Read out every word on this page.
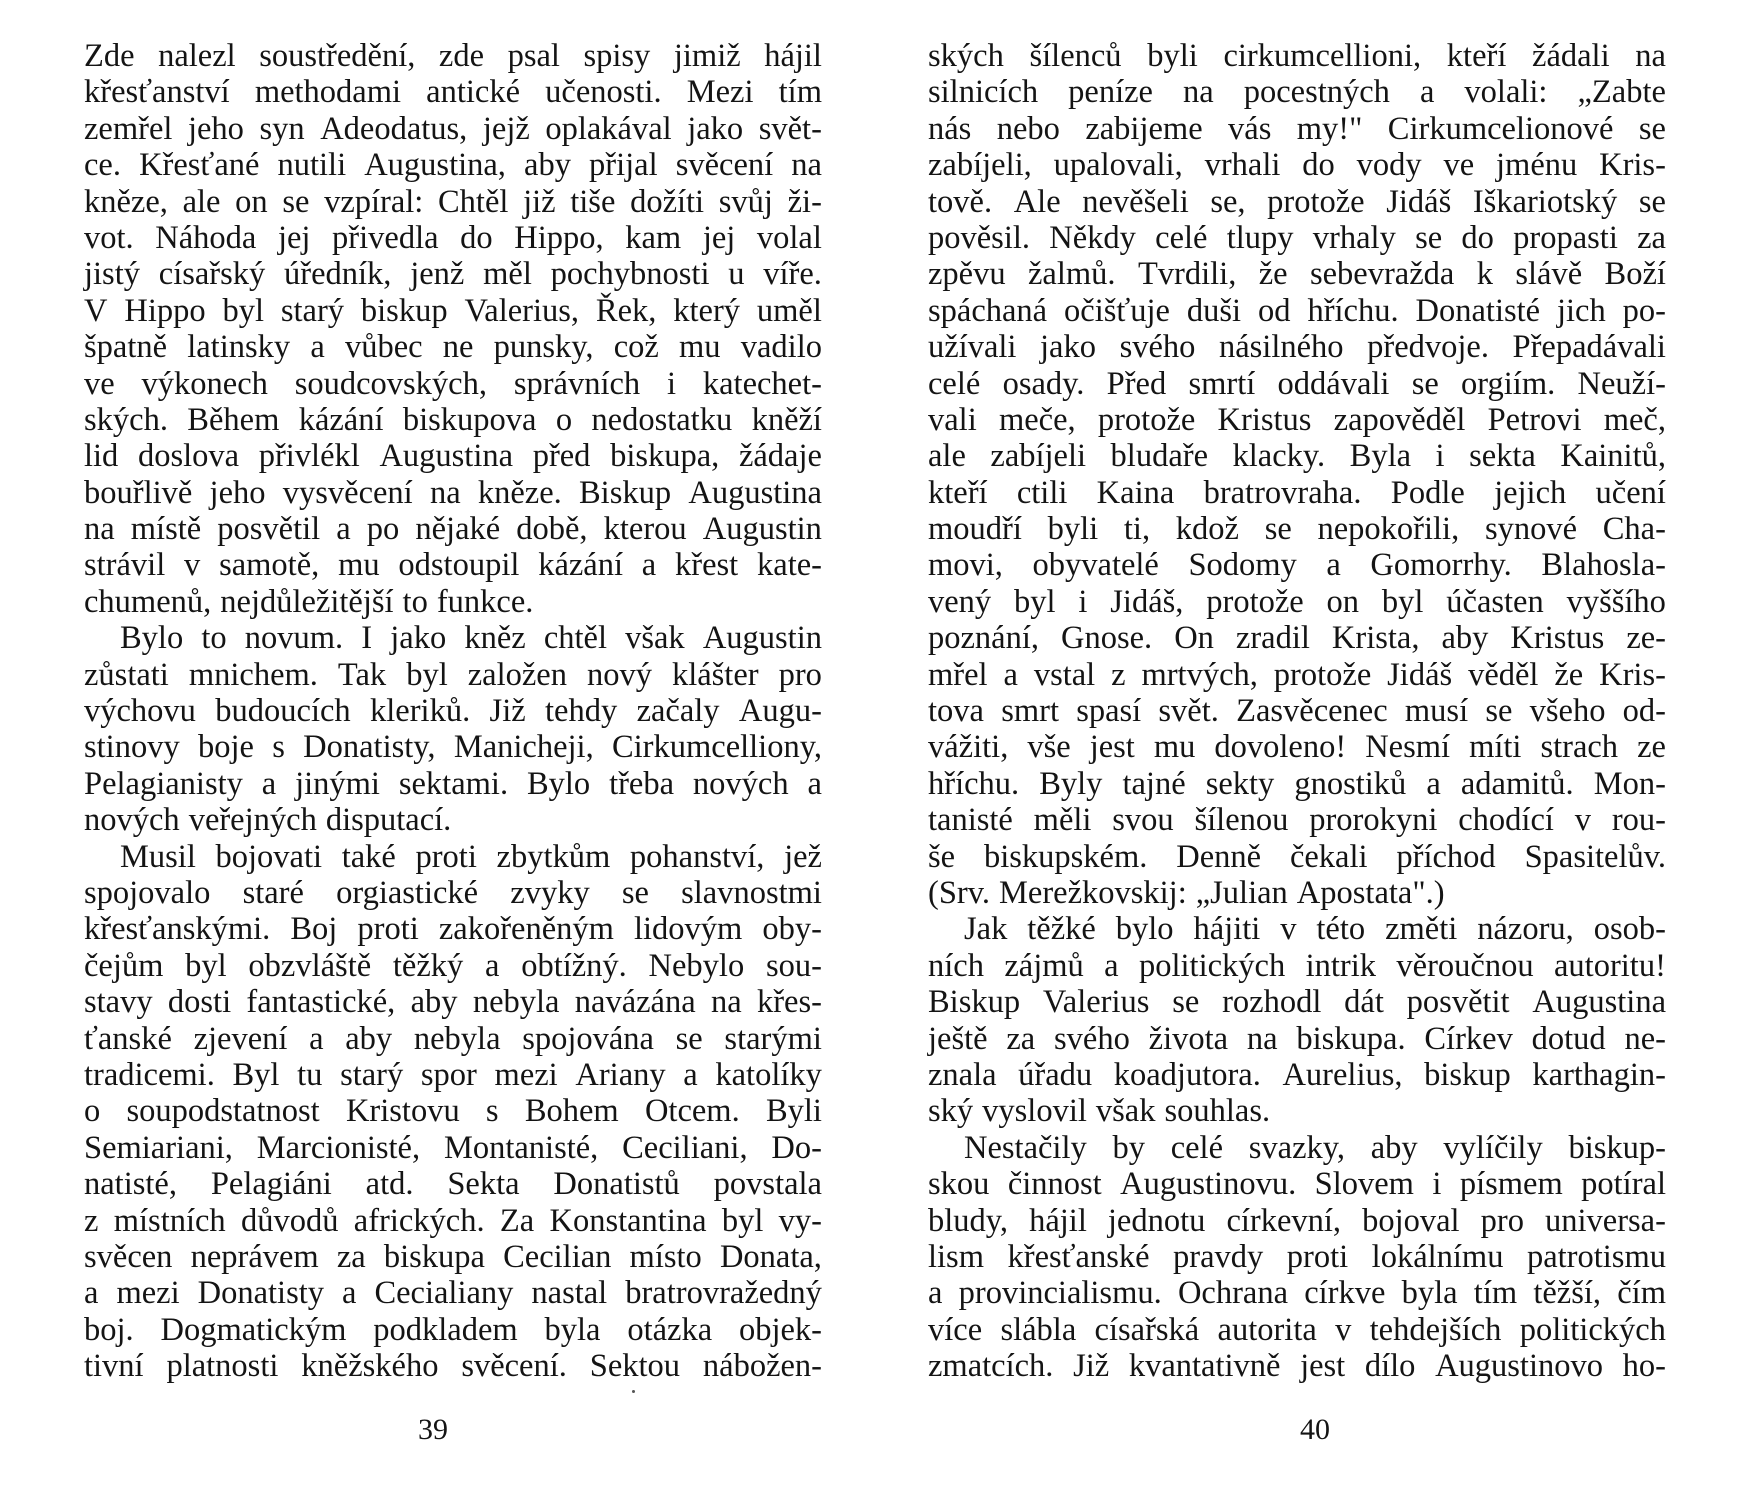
Zde nalezl soustředění, zde psal spisy jimiž hájil
křesťanství methodami antické učenosti. Mezi tím
zemřel jeho syn Adeodatus, jejž oplakával jako svět-
ce. Křesťané nutili Augustina, aby přijal svěcení na
kněze, ale on se vzpíral: Chtěl již tiše dožíti svůj ži-
vot. Náhoda jej přivedla do Hippo, kam jej volal
jistý císařský úředník, jenž měl pochybnosti u víře.
V Hippo byl starý biskup Valerius, Řek, který uměl
špatně latinsky a vůbec ne punsky, což mu vadilo
ve výkonech soudcovských, správních i katechet-
ských. Během kázání biskupova o nedostatku kněží
lid doslova přivlékl Augustina před biskupa, žádaje
bouřlivě jeho vysvěcení na kněze. Biskup Augustina
na místě posvětil a po nějaké době, kterou Augustin
strávil v samotě, mu odstoupil kázání a křest kate-
chumenů, nejdůležitější to funkce.
Bylo to novum. I jako kněz chtěl však Augustin
zůstati mnichem. Tak byl založen nový klášter pro
výchovu budoucích kleriků. Již tehdy začaly Augu-
stinovy boje s Donatisty, Manicheji, Cirkumcelliony,
Pelagianisty a jinými sektami. Bylo třeba nových a
nových veřejných disputací.
Musil bojovati také proti zbytkům pohanství, jež
spojovalo staré orgiastické zvyky se slavnostmi
křesťanskými. Boj proti zakořeněným lidovým oby-
čejům byl obzvláště těžký a obtížný. Nebylo sou-
stavy dosti fantastické, aby nebyla navázána na křes-
ťanské zjevení a aby nebyla spojována se starými
tradicemi. Byl tu starý spor mezi Ariany a katolíky
o soupodstatnost Kristovu s Bohem Otcem. Byli
Semiariani, Marcionisté, Montanisté, Ceciliani, Do-
natisté, Pelagiáni atd. Sekta Donatistů povstala
z místních důvodů afrických. Za Konstantina byl vy-
svěcen neprávem za biskupa Cecilian místo Donata,
a mezi Donatisty a Cecialiany nastal bratrovražedný
boj. Dogmatickým podkladem byla otázka objek-
tivní platnosti kněžského svěcení. Sektou nábožen-
ských šílenců byli cirkumcellioni, kteří žádali na
silnicích peníze na pocestných a volali: „Zabte
nás nebo zabijeme vás my!" Cirkumcelionové se
zabíjeli, upalovali, vrhali do vody ve jménu Kris-
tově. Ale nevěšeli se, protože Jidáš Iškariotský se
pověsil. Někdy celé tlupy vrhaly se do propasti za
zpěvu žalmů. Tvrdili, že sebevražda k slávě Boží
spáchaná očišťuje duši od hříchu. Donatisté jich po-
užívali jako svého násilného předvoje. Přepadávali
celé osady. Před smrtí oddávali se orgiím. Neuží-
vali meče, protože Kristus zapověděl Petrovi meč,
ale zabíjeli bludaře klacky. Byla i sekta Kainitů,
kteří ctili Kaina bratrovraha. Podle jejich učení
moudří byli ti, kdož se nepokořili, synové Cha-
movi, obyvatelé Sodomy a Gomorrhy. Blahosla-
vený byl i Jidáš, protože on byl účasten vyššího
poznání, Gnose. On zradil Krista, aby Kristus ze-
mřel a vstal z mrtvých, protože Jidáš věděl že Kris-
tova smrt spasí svět. Zasvěcenec musí se všeho od-
vážiti, vše jest mu dovoleno! Nesmí míti strach ze
hříchu. Byly tajné sekty gnostiků a adamitů. Mon-
tanisté měli svou šílenou prorokyni chodící v rou-
še biskupském. Denně čekali příchod Spasitelův.
(Srv. Merežkovskij: „Julian Apostata".)
Jak těžké bylo hájiti v této změti názoru, osob-
ních zájmů a politických intrik věroučnou autoritu!
Biskup Valerius se rozhodl dát posvětit Augustina
ještě za svého života na biskupa. Církev dotud ne-
znala úřadu koadjutora. Aurelius, biskup karthagin-
ský vyslovil však souhlas.
Nestačily by celé svazky, aby vylíčily biskup-
skou činnost Augustinovu. Slovem i písmem potíral
bludy, hájil jednotu církevní, bojoval pro universa-
lism křesťanské pravdy proti lokálnímu patrotismu
a provincialismu. Ochrana církve byla tím těžší, čím
více slábla císařská autorita v tehdejších politických
zmatcích. Již kvantativně jest dílo Augustinovo ho-
39	40
